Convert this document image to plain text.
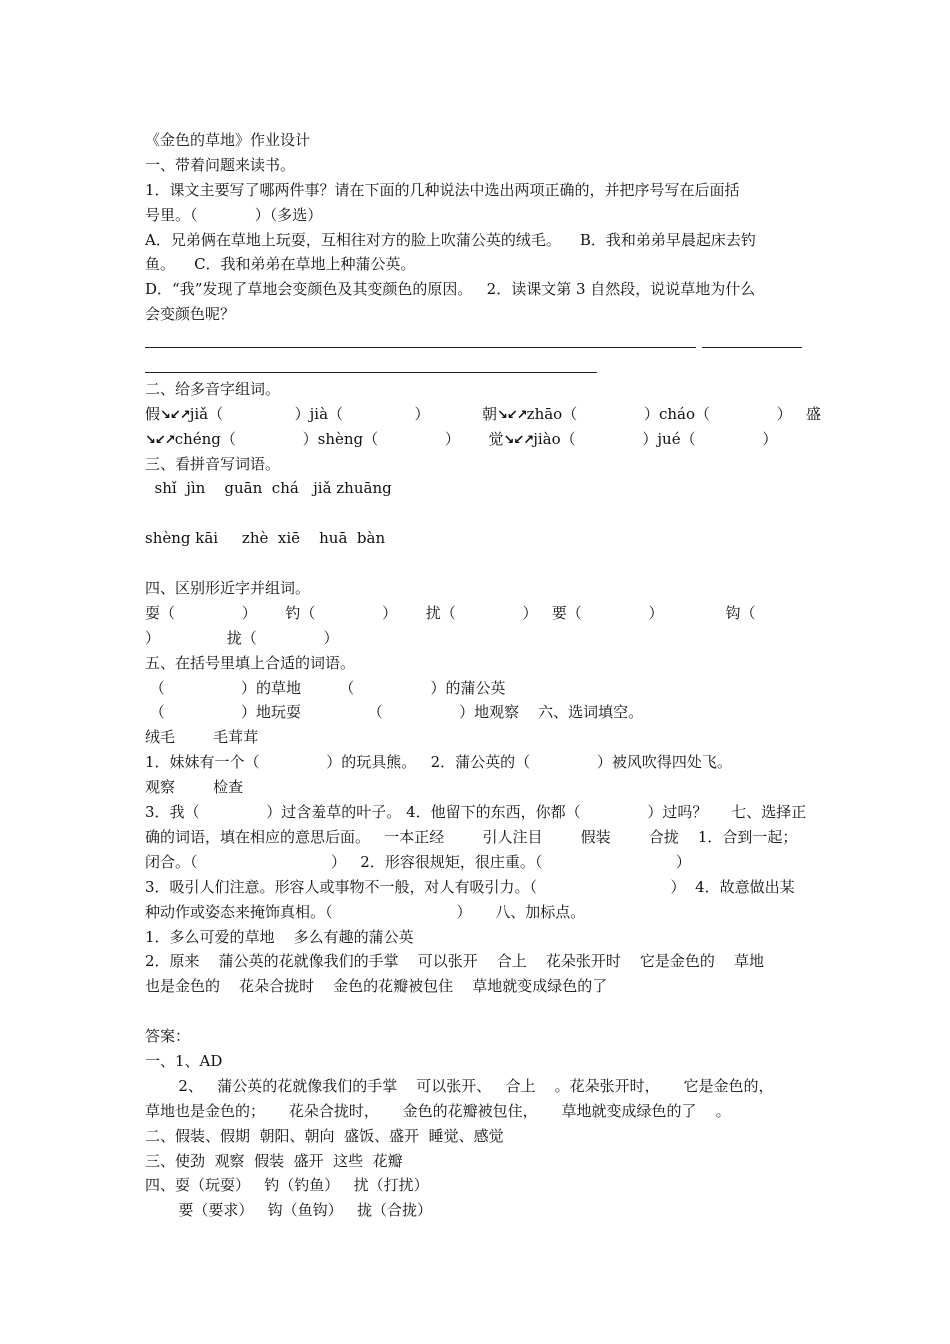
《金色的草地》作业设计
一、带着问题来读书。
1．课文主要写了哪两件事？请在下面的几种说法中选出两项正确的，并把序号写在后面括
号里。（            ）（多选）
A．兄弟俩在草地上玩耍，互相往对方的脸上吹蒲公英的绒毛。    B．我和弟弟早晨起床去钓
鱼。    C．我和弟弟在草地上种蒲公英。
D．“我”发现了草地会变颜色及其变颜色的原因。   2．读课文第 3 自然段，说说草地为什么
会变颜色呢？
二、给多音字组词。
假↘↙↗jiǎ（               ）jià（               ）           朝↘↙↗zhāo（              ）cháo（              ）   盛
↘↙↗chéng（              ）shèng（              ）      觉↘↙↗jiào（              ）jué（              ）
三、看拼音写词语。
shǐ  jìn    guān  chá   jiǎ zhuāng
shèng kāi     zhè  xiē    huā  bàn
四、区别形近字并组词。
耍（              ）      钓（              ）      扰（              ）   要（              ）             钩（
）              拢（              ）
五、在括号里填上合适的词语。
（                ）的草地        （                ）的蒲公英
（                ）地玩耍              （                ）地观察    六、选词填空。
绒毛        毛茸茸
1．妹妹有一个（              ）的玩具熊。   2．蒲公英的（              ）被风吹得四处飞。
观察        检查
3．我（              ）过含羞草的叶子。 4．他留下的东西，你都（              ）过吗？     七、选择正
确的词语，填在相应的意思后面。   一本正经        引人注目        假装        合拢    1．合到一起；
闭合。（                            ）   2．形容很规矩，很庄重。（                            ）
3．吸引人们注意。形容人或事物不一般，对人有吸引力。（                            ）  4．故意做出某
种动作或姿态来掩饰真相。（                          ）     八、加标点。
1．多么可爱的草地    多么有趣的蒲公英
2．原来    蒲公英的花就像我们的手掌    可以张开    合上    花朵张开时    它是金色的    草地
也是金色的    花朵合拢时    金色的花瓣被包住    草地就变成绿色的了
答案：
一、1、AD
2、   蒲公英的花就像我们的手掌    可以张开、   合上    。花朵张开时，     它是金色的，
草地也是金色的；     花朵合拢时，     金色的花瓣被包住，     草地就变成绿色的了    。
二、假装、假期  朝阳、朝向  盛饭、盛开  睡觉、感觉
三、使劲  观察  假装  盛开  这些  花瓣
四、耍（玩耍）   钓（钓鱼）   扰（打扰）
要（要求）   钩（鱼钩）   拢（合拢）
